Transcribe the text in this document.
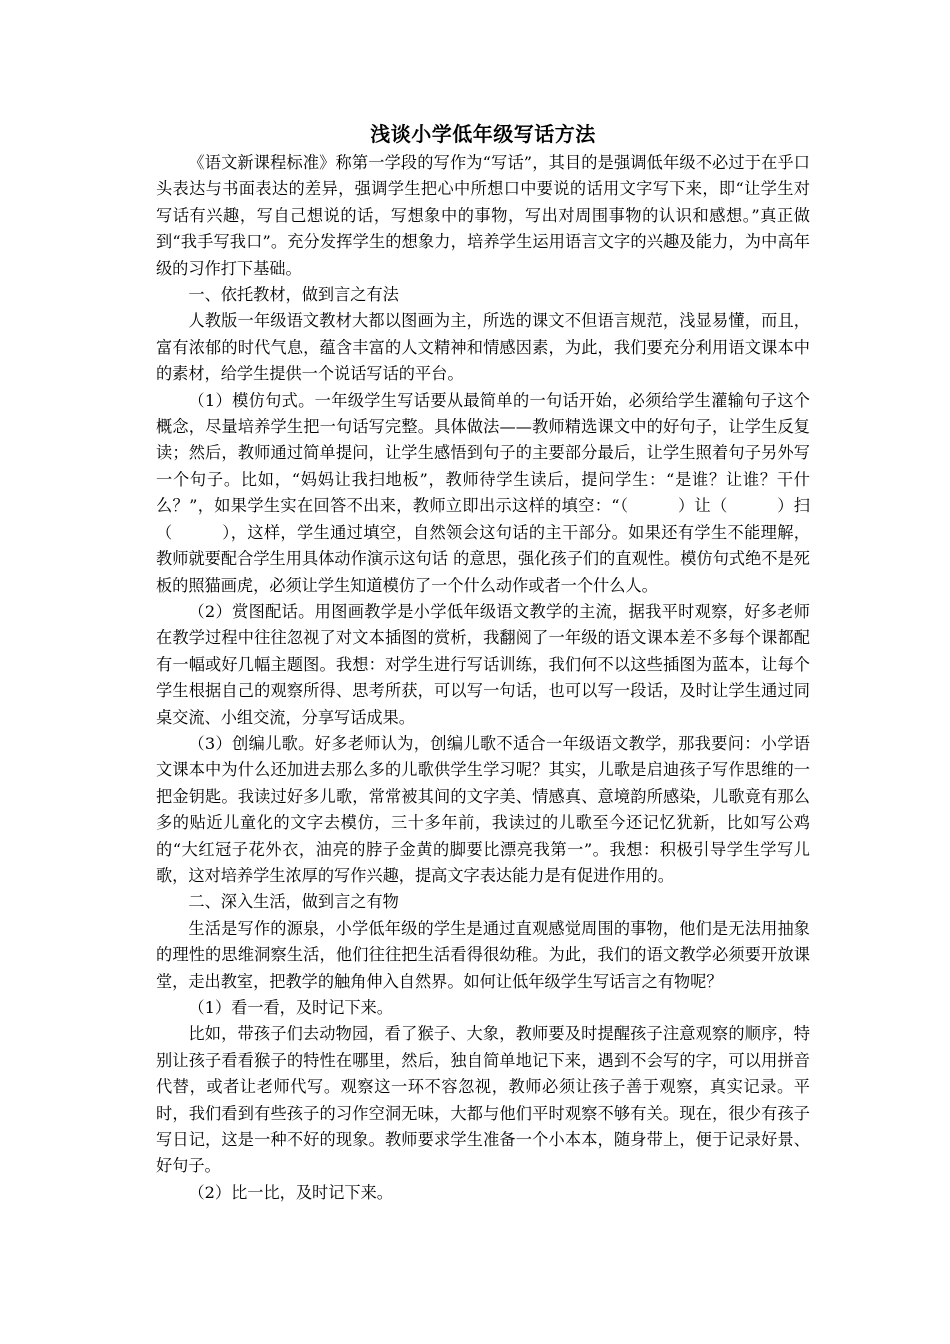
浅谈小学低年级写话方法

《语文新课程标准》称第一学段的写作为“写话”，其目的是强调低年级不必过于在乎口头表达与书面表达的差异，强调学生把心中所想口中要说的话用文字写下来，即“让学生对写话有兴趣，写自己想说的话，写想象中的事物，写出对周围事物的认识和感想。”真正做到“我手写我口”。充分发挥学生的想象力，培养学生运用语言文字的兴趣及能力，为中高年级的习作打下基础。

一、依托教材，做到言之有法

人教版一年级语文教材大都以图画为主，所选的课文不但语言规范，浅显易懂，而且，富有浓郁的时代气息，蕴含丰富的人文精神和情感因素，为此，我们要充分利用语文课本中的素材，给学生提供一个说话写话的平台。

（1）模仿句式。一年级学生写话要从最简单的一句话开始，必须给学生灌输句子这个概念，尽量培养学生把一句话写完整。具体做法——教师精选课文中的好句子，让学生反复读；然后，教师通过简单提问，让学生感悟到句子的主要部分最后，让学生照着句子另外写一个句子。比如，“妈妈让我扫地板”，教师待学生读后，提问学生：“是谁？让谁？干什么？”，如果学生实在回答不出来，教师立即出示这样的填空：“（　　　）让（　　　）扫（　　　），这样，学生通过填空，自然领会这句话的主干部分。如果还有学生不能理解，教师就要配合学生用具体动作演示这句话 的意思，强化孩子们的直观性。模仿句式绝不是死板的照猫画虎，必须让学生知道模仿了一个什么动作或者一个什么人。

（2）赏图配话。用图画教学是小学低年级语文教学的主流，据我平时观察，好多老师在教学过程中往往忽视了对文本插图的赏析，我翻阅了一年级的语文课本差不多每个课都配有一幅或好几幅主题图。我想：对学生进行写话训练，我们何不以这些插图为蓝本，让每个学生根据自己的观察所得、思考所获，可以写一句话，也可以写一段话，及时让学生通过同桌交流、小组交流，分享写话成果。

（3）创编儿歌。好多老师认为，创编儿歌不适合一年级语文教学，那我要问：小学语文课本中为什么还加进去那么多的儿歌供学生学习呢？其实，儿歌是启迪孩子写作思维的一把金钥匙。我读过好多儿歌，常常被其间的文字美、情感真、意境韵所感染，儿歌竟有那么多的贴近儿童化的文字去模仿，三十多年前，我读过的儿歌至今还记忆犹新，比如写公鸡的“大红冠子花外衣，油亮的脖子金黄的脚要比漂亮我第一”。我想：积极引导学生学写儿歌，这对培养学生浓厚的写作兴趣，提高文字表达能力是有促进作用的。

二、深入生活，做到言之有物

生活是写作的源泉，小学低年级的学生是通过直观感觉周围的事物，他们是无法用抽象的理性的思维洞察生活，他们往往把生活看得很幼稚。为此，我们的语文教学必须要开放课堂，走出教室，把教学的触角伸入自然界。如何让低年级学生写话言之有物呢？

（1）看一看，及时记下来。

比如，带孩子们去动物园，看了猴子、大象，教师要及时提醒孩子注意观察的顺序，特别让孩子看看猴子的特性在哪里，然后，独自简单地记下来，遇到不会写的字，可以用拼音代替，或者让老师代写。观察这一环不容忽视，教师必须让孩子善于观察，真实记录。平时，我们看到有些孩子的习作空洞无味，大都与他们平时观察不够有关。现在，很少有孩子写日记，这是一种不好的现象。教师要求学生准备一个小本本，随身带上，便于记录好景、好句子。

（2）比一比，及时记下来。
